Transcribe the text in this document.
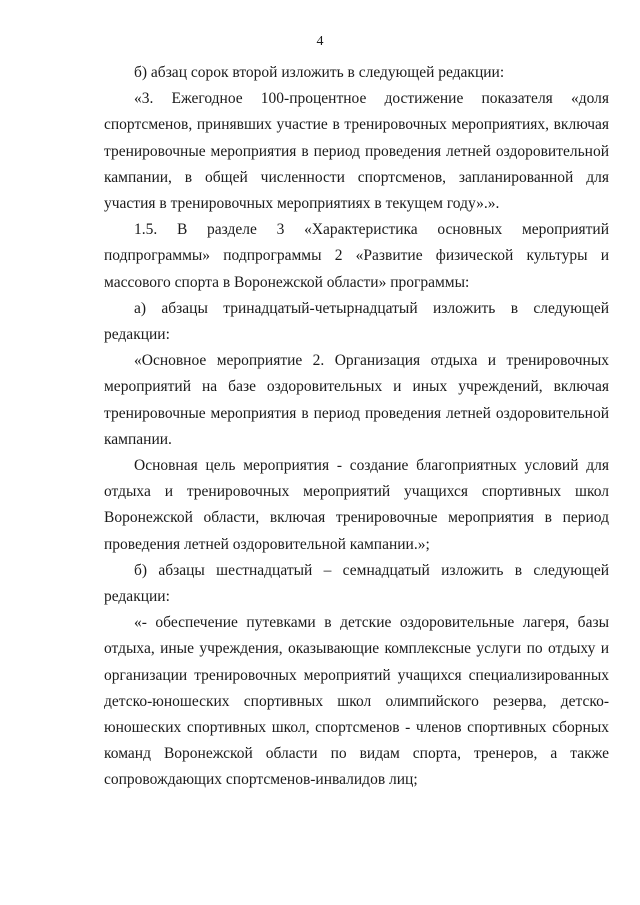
4

б) абзац сорок второй изложить в следующей редакции:

«3. Ежегодное 100-процентное достижение показателя «доля спортсменов, принявших участие в тренировочных мероприятиях, включая тренировочные мероприятия в период проведения летней оздоровительной кампании, в общей численности спортсменов, запланированной для участия в тренировочных мероприятиях в текущем году».».

1.5. В разделе 3 «Характеристика основных мероприятий подпрограммы» подпрограммы 2 «Развитие физической культуры и массового спорта в Воронежской области» программы:

а) абзацы тринадцатый-четырнадцатый изложить в следующей редакции:

«Основное мероприятие 2. Организация отдыха и тренировочных мероприятий на базе оздоровительных и иных учреждений, включая тренировочные мероприятия в период проведения летней оздоровительной кампании.

Основная цель мероприятия - создание благоприятных условий для отдыха и тренировочных мероприятий учащихся спортивных школ Воронежской области, включая тренировочные мероприятия в период проведения летней оздоровительной кампании.»;

б) абзацы шестнадцатый – семнадцатый изложить в следующей редакции:

«- обеспечение путевками в детские оздоровительные лагеря, базы отдыха, иные учреждения, оказывающие комплексные услуги по отдыху и организации тренировочных мероприятий учащихся специализированных детско-юношеских спортивных школ олимпийского резерва, детско-юношеских спортивных школ, спортсменов - членов спортивных сборных команд Воронежской области по видам спорта, тренеров, а также сопровождающих спортсменов-инвалидов лиц;
